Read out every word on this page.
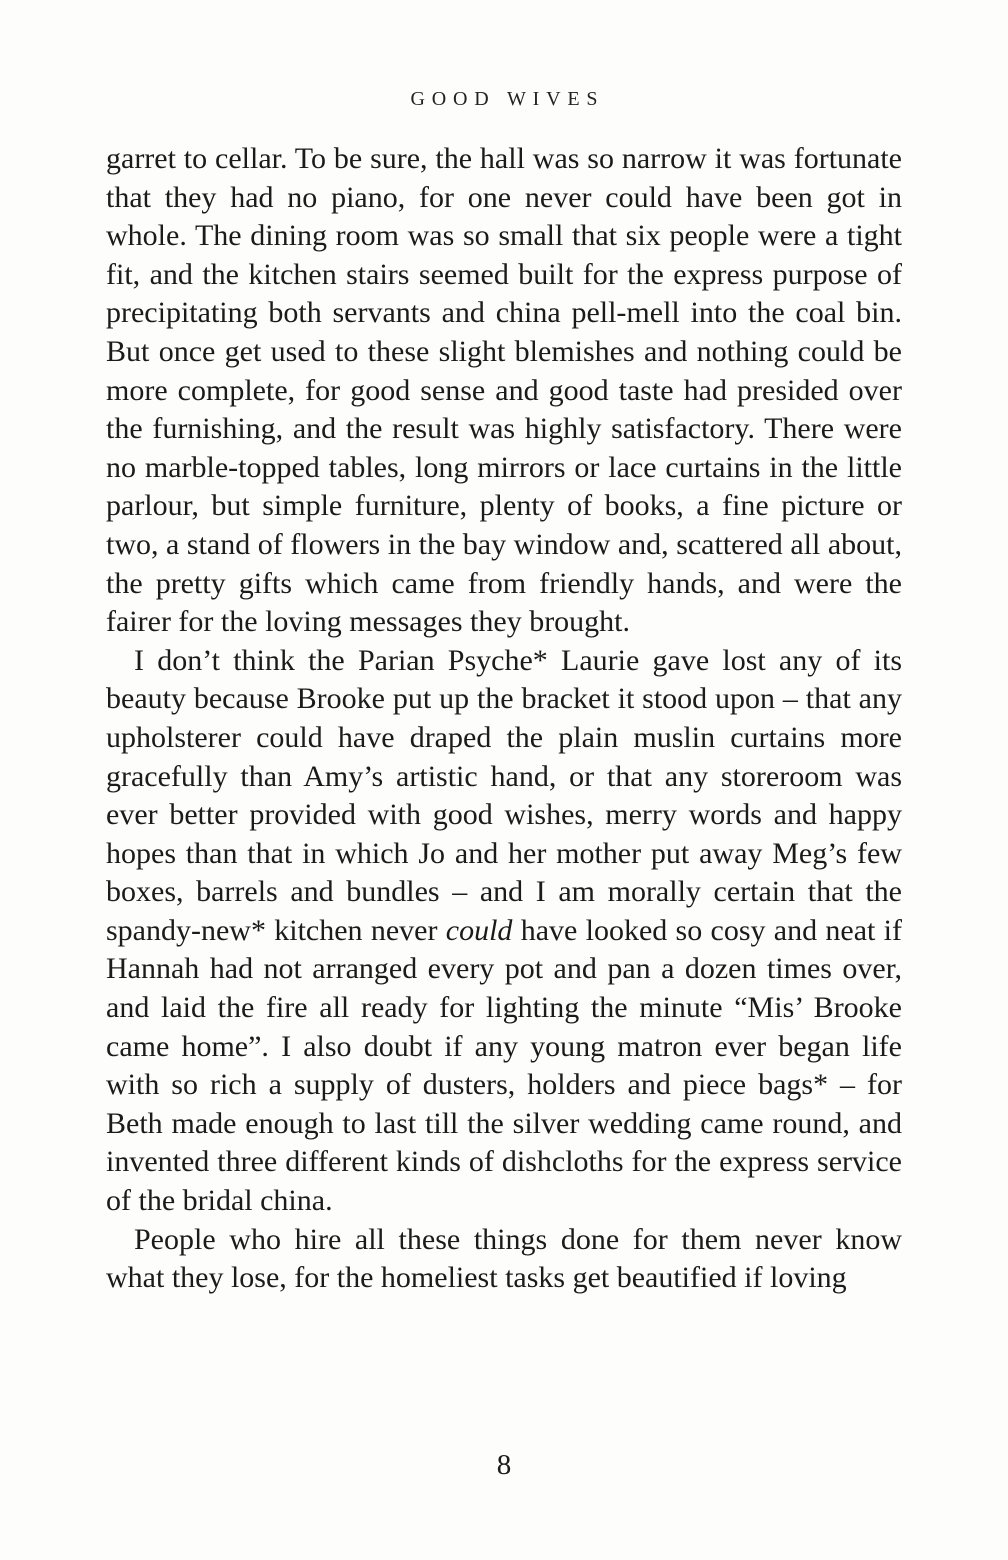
GOOD WIVES

garret to cellar. To be sure, the hall was so narrow it was fortunate that they had no piano, for one never could have been got in whole. The dining room was so small that six people were a tight fit, and the kitchen stairs seemed built for the express purpose of precipitating both servants and china pell-mell into the coal bin. But once get used to these slight blemishes and nothing could be more complete, for good sense and good taste had presided over the furnishing, and the result was highly satisfactory. There were no marble-topped tables, long mirrors or lace curtains in the little parlour, but simple furniture, plenty of books, a fine picture or two, a stand of flowers in the bay window and, scattered all about, the pretty gifts which came from friendly hands, and were the fairer for the loving messages they brought.

I don’t think the Parian Psyche* Laurie gave lost any of its beauty because Brooke put up the bracket it stood upon – that any upholsterer could have draped the plain muslin curtains more gracefully than Amy’s artistic hand, or that any storeroom was ever better provided with good wishes, merry words and happy hopes than that in which Jo and her mother put away Meg’s few boxes, barrels and bundles – and I am morally certain that the spandy-new* kitchen never could have looked so cosy and neat if Hannah had not arranged every pot and pan a dozen times over, and laid the fire all ready for lighting the minute “Mis’ Brooke came home”. I also doubt if any young matron ever began life with so rich a supply of dusters, holders and piece bags* – for Beth made enough to last till the silver wedding came round, and invented three different kinds of dishcloths for the express service of the bridal china.

People who hire all these things done for them never know what they lose, for the homeliest tasks get beautified if loving

8
